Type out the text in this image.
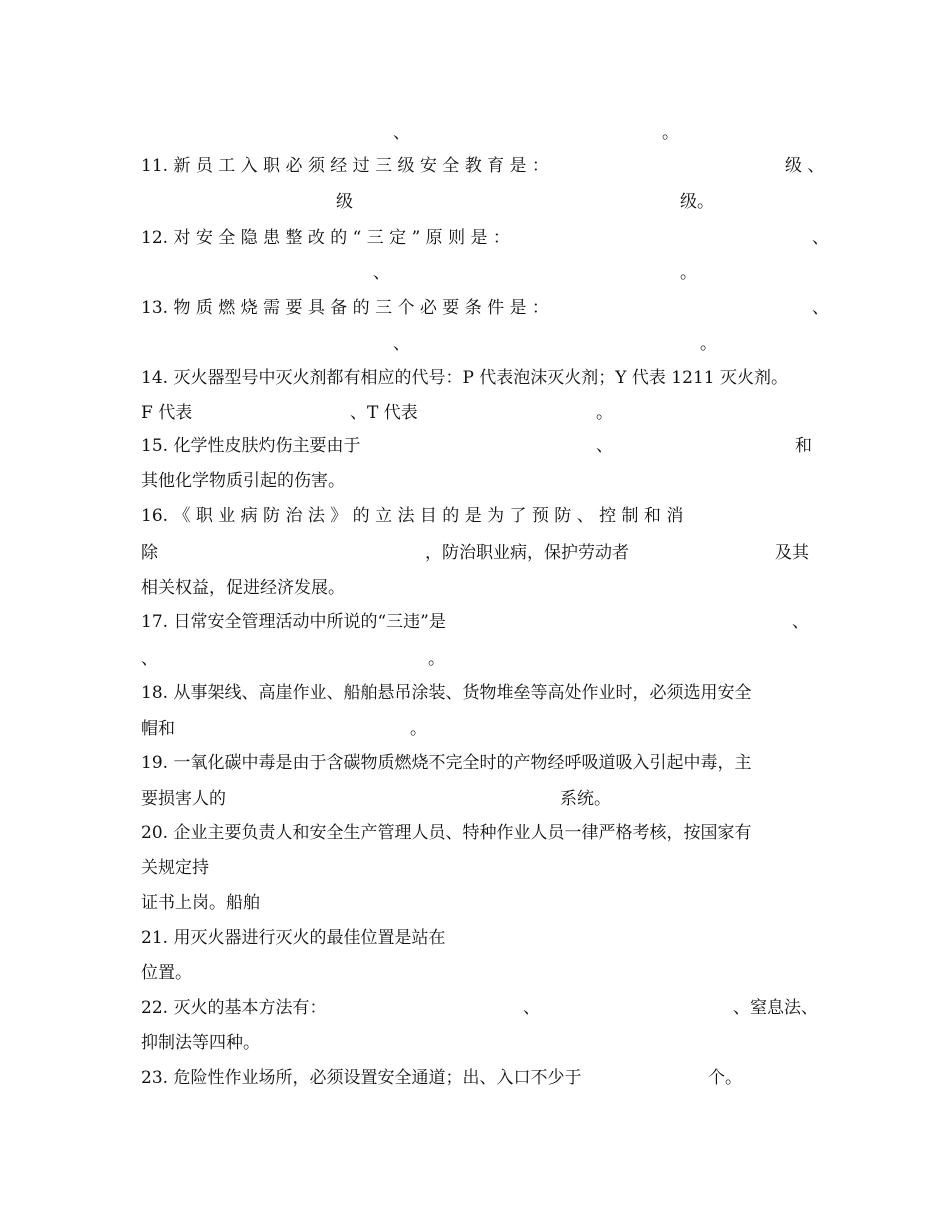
、	。
11. 新 员 工 入 职 必 须 经 过 三 级 安 全 教 育 是 ：	级 、
级	级。
12. 对 安 全 隐 患 整 改 的 “ 三 定 ” 原 则 是 ：	、
、	。
13. 物 质 燃 烧 需 要 具 备 的 三 个 必 要 条 件 是 ：	、
、	。
14. 灭火器型号中灭火剂都有相应的代号：P 代表泡沫灭火剂；Y 代表 1211 灭火剂。
F 代表	、T 代表	。
15. 化学性皮肤灼伤主要由于	、	和
其他化学物质引起的伤害。
16. 《 职 业 病 防 治 法 》 的 立 法 目 的 是 为 了 预 防 、 控 制 和 消
除	，防治职业病，保护劳动者	及其
相关权益，促进经济发展。
17. 日常安全管理活动中所说的“三违”是	、
、	。
18. 从事架线、高崖作业、船舶悬吊涂装、货物堆垒等高处作业时，必须选用安全
帽和	。
19. 一氧化碳中毒是由于含碳物质燃烧不完全时的产物经呼吸道吸入引起中毒，主
要损害人的	系统。
20. 企业主要负责人和安全生产管理人员、特种作业人员一律严格考核，按国家有
关规定持
证书上岗。船舶
21. 用灭火器进行灭火的最佳位置是站在
位置。
22. 灭火的基本方法有：	、	、窒息法、
抑制法等四种。
23. 危险性作业场所，必须设置安全通道；出、入口不少于	个。
